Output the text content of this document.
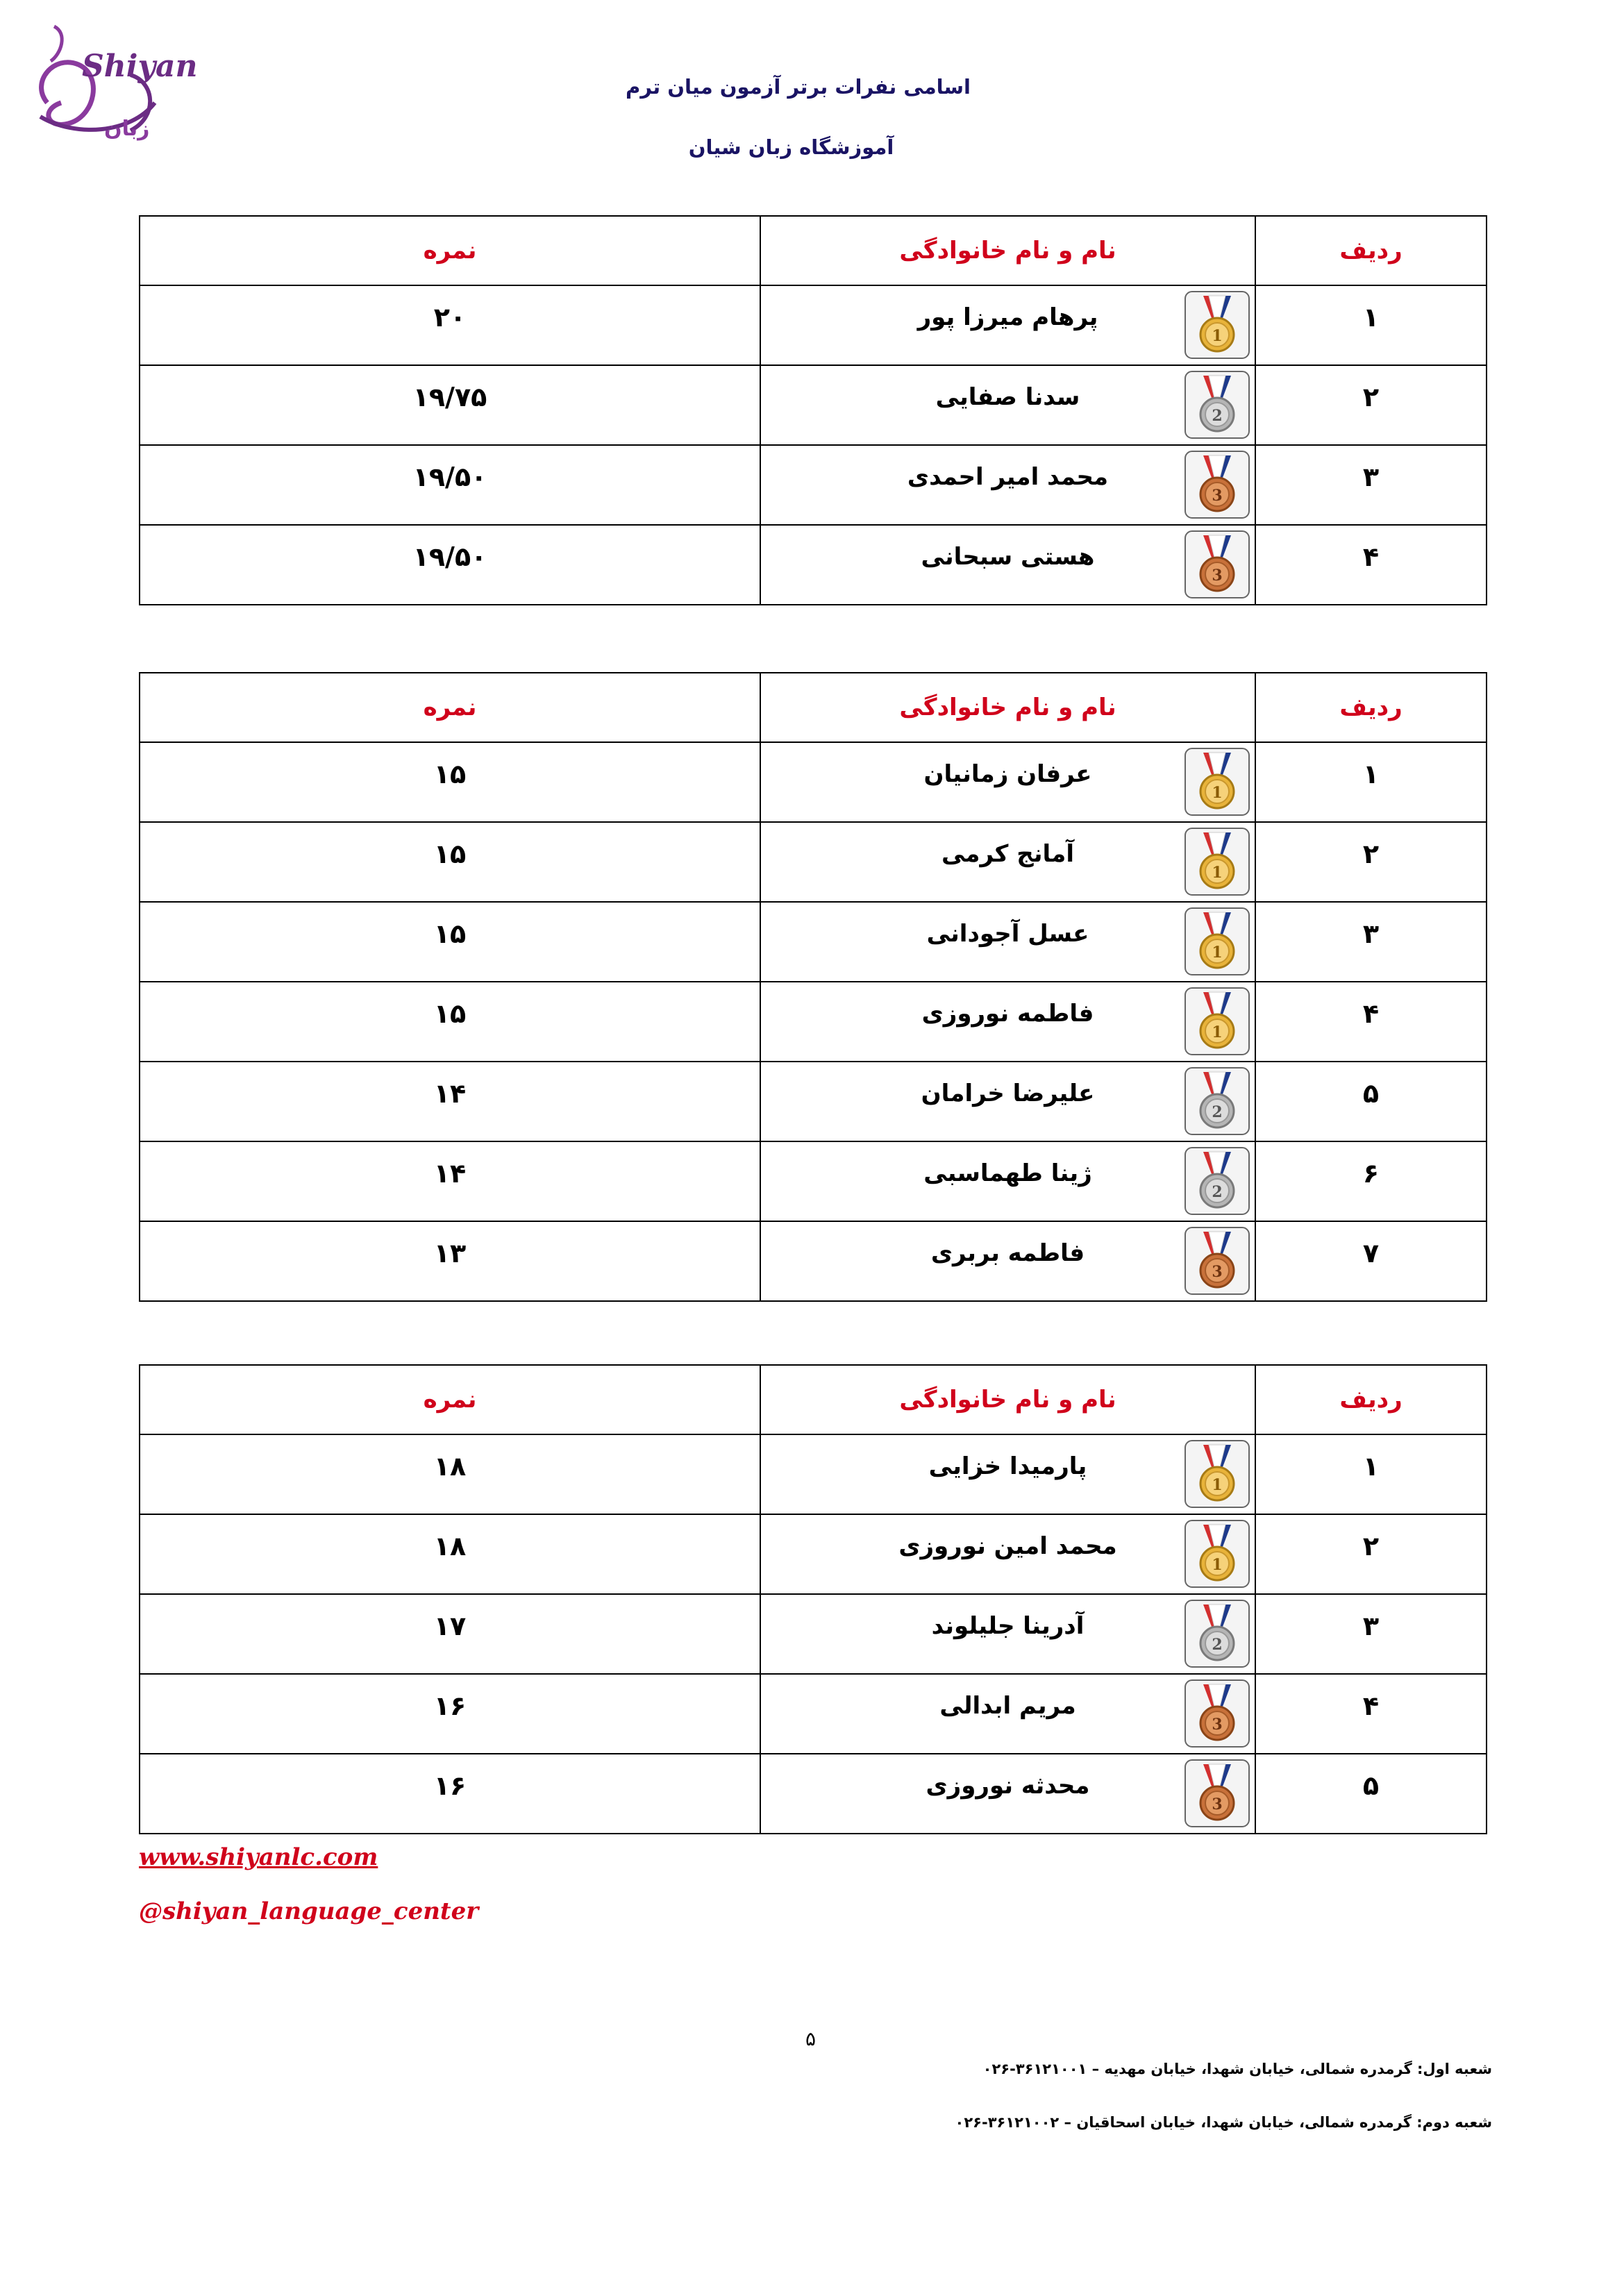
Shiyan
زبان
اسامی نفرات برتر آزمون میان ترم
آموزشگاه زبان شیان
ردیف	نام و نام خانوادگی	نمره
۱	پرهام میرزا پور	۲۰
۲	سدنا صفایی	۱۹/۷۵
۳	محمد امیر احمدی	۱۹/۵۰
۴	هستی سبحانی	۱۹/۵۰
ردیف	نام و نام خانوادگی	نمره
۱	عرفان زمانیان	۱۵
۲	آمانج کرمی	۱۵
۳	عسل آجودانی	۱۵
۴	فاطمه نوروزی	۱۵
۵	علیرضا خرامان	۱۴
۶	ژینا طهماسبی	۱۴
۷	فاطمه بربری	۱۳
ردیف	نام و نام خانوادگی	نمره
۱	پارمیدا خزایی	۱۸
۲	محمد امین نوروزی	۱۸
۳	آدرینا جلیلوند	۱۷
۴	مریم ابدالی	۱۶
۵	محدثه نوروزی	۱۶
www.shiyanlc.com
@shiyan_language_center
۵
شعبه اول: گرمدره شمالی، خیابان شهدا، خیابان مهدیه – ۳۶۱۲۱۰۰۱-۰۲۶
شعبه دوم: گرمدره شمالی، خیابان شهدا، خیابان اسحاقیان – ۳۶۱۲۱۰۰۲-۰۲۶
